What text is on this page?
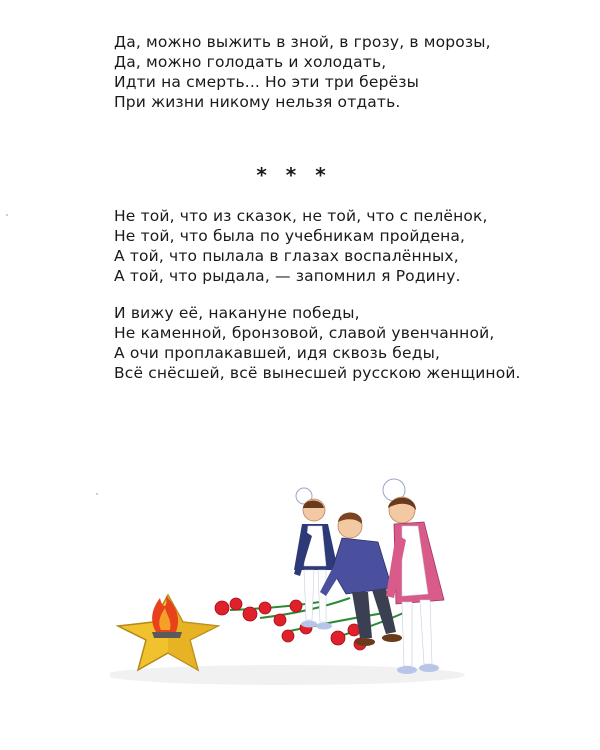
Да, можно выжить в зной, в грозу, в морозы,
Да, можно голодать и холодать,
Идти на смерть... Но эти три берёзы
При жизни никому нельзя отдать.

* * *

Не той, что из сказок, не той, что с пелёнок,
Не той, что была по учебникам пройдена,
А той, что пылала в глазах воспалённых,
А той, что рыдала, — запомнил я Родину.

И вижу её, накануне победы,
Не каменной, бронзовой, славой увенчанной,
А очи проплакавшей, идя сквозь беды,
Всё снёсшей, всё вынесшей русскою женщиной.
